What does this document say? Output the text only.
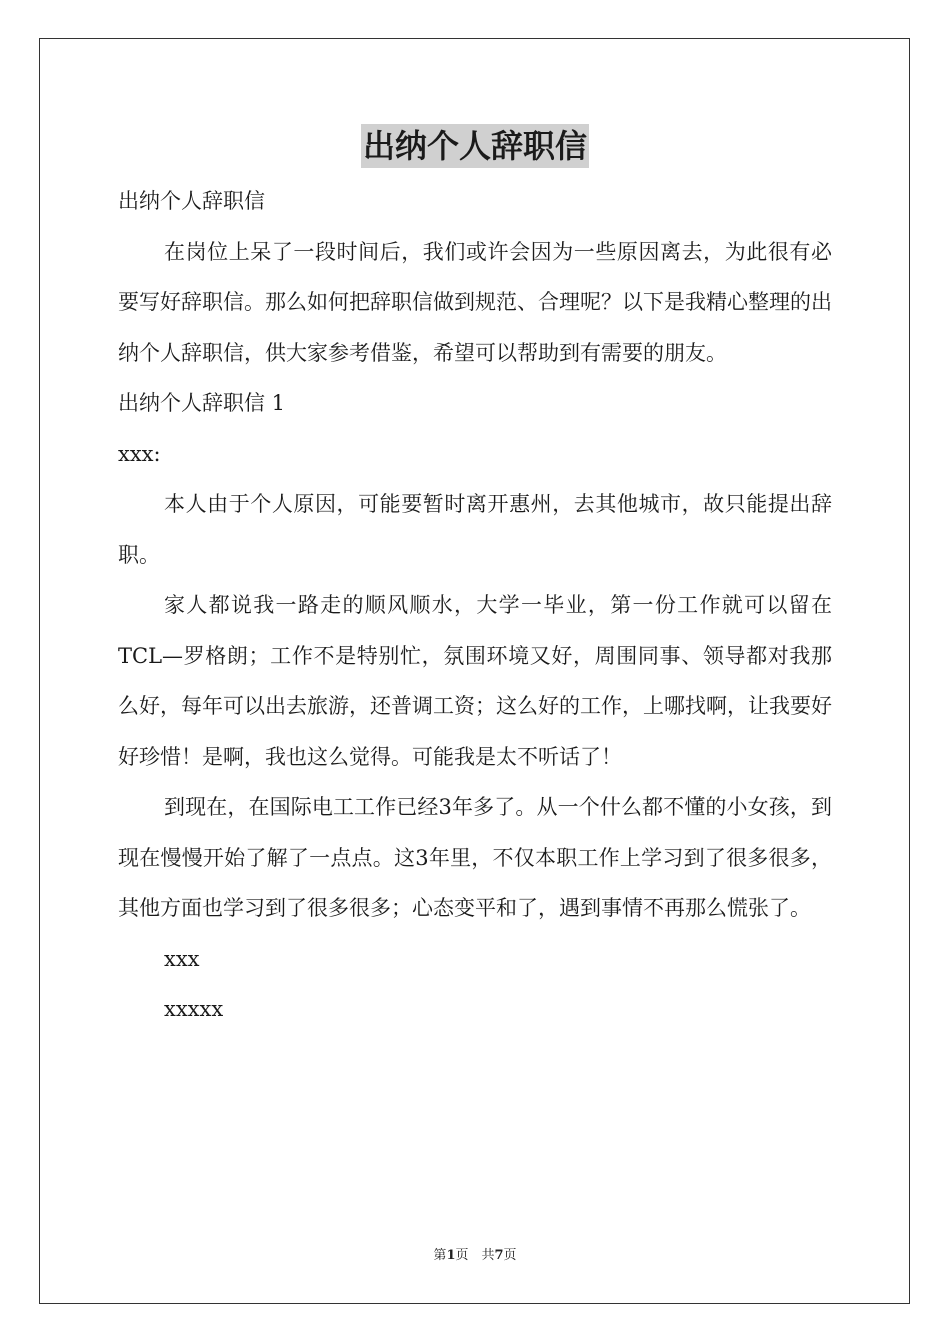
出纳个人辞职信

出纳个人辞职信

在岗位上呆了一段时间后，我们或许会因为一些原因离去，为此很有必要写好辞职信。那么如何把辞职信做到规范、合理呢？以下是我精心整理的出纳个人辞职信，供大家参考借鉴，希望可以帮助到有需要的朋友。

出纳个人辞职信 1

xxx:

本人由于个人原因，可能要暂时离开惠州，去其他城市，故只能提出辞职。

家人都说我一路走的顺风顺水，大学一毕业，第一份工作就可以留在TCL—罗格朗；工作不是特别忙，氛围环境又好，周围同事、领导都对我那么好，每年可以出去旅游，还普调工资；这么好的工作，上哪找啊，让我要好好珍惜！是啊，我也这么觉得。可能我是太不听话了！

到现在，在国际电工工作已经3年多了。从一个什么都不懂的小女孩，到现在慢慢开始了解了一点点。这3年里，不仅本职工作上学习到了很多很多，其他方面也学习到了很多很多；心态变平和了，遇到事情不再那么慌张了。

xxx

xxxxx

第1页　共7页
